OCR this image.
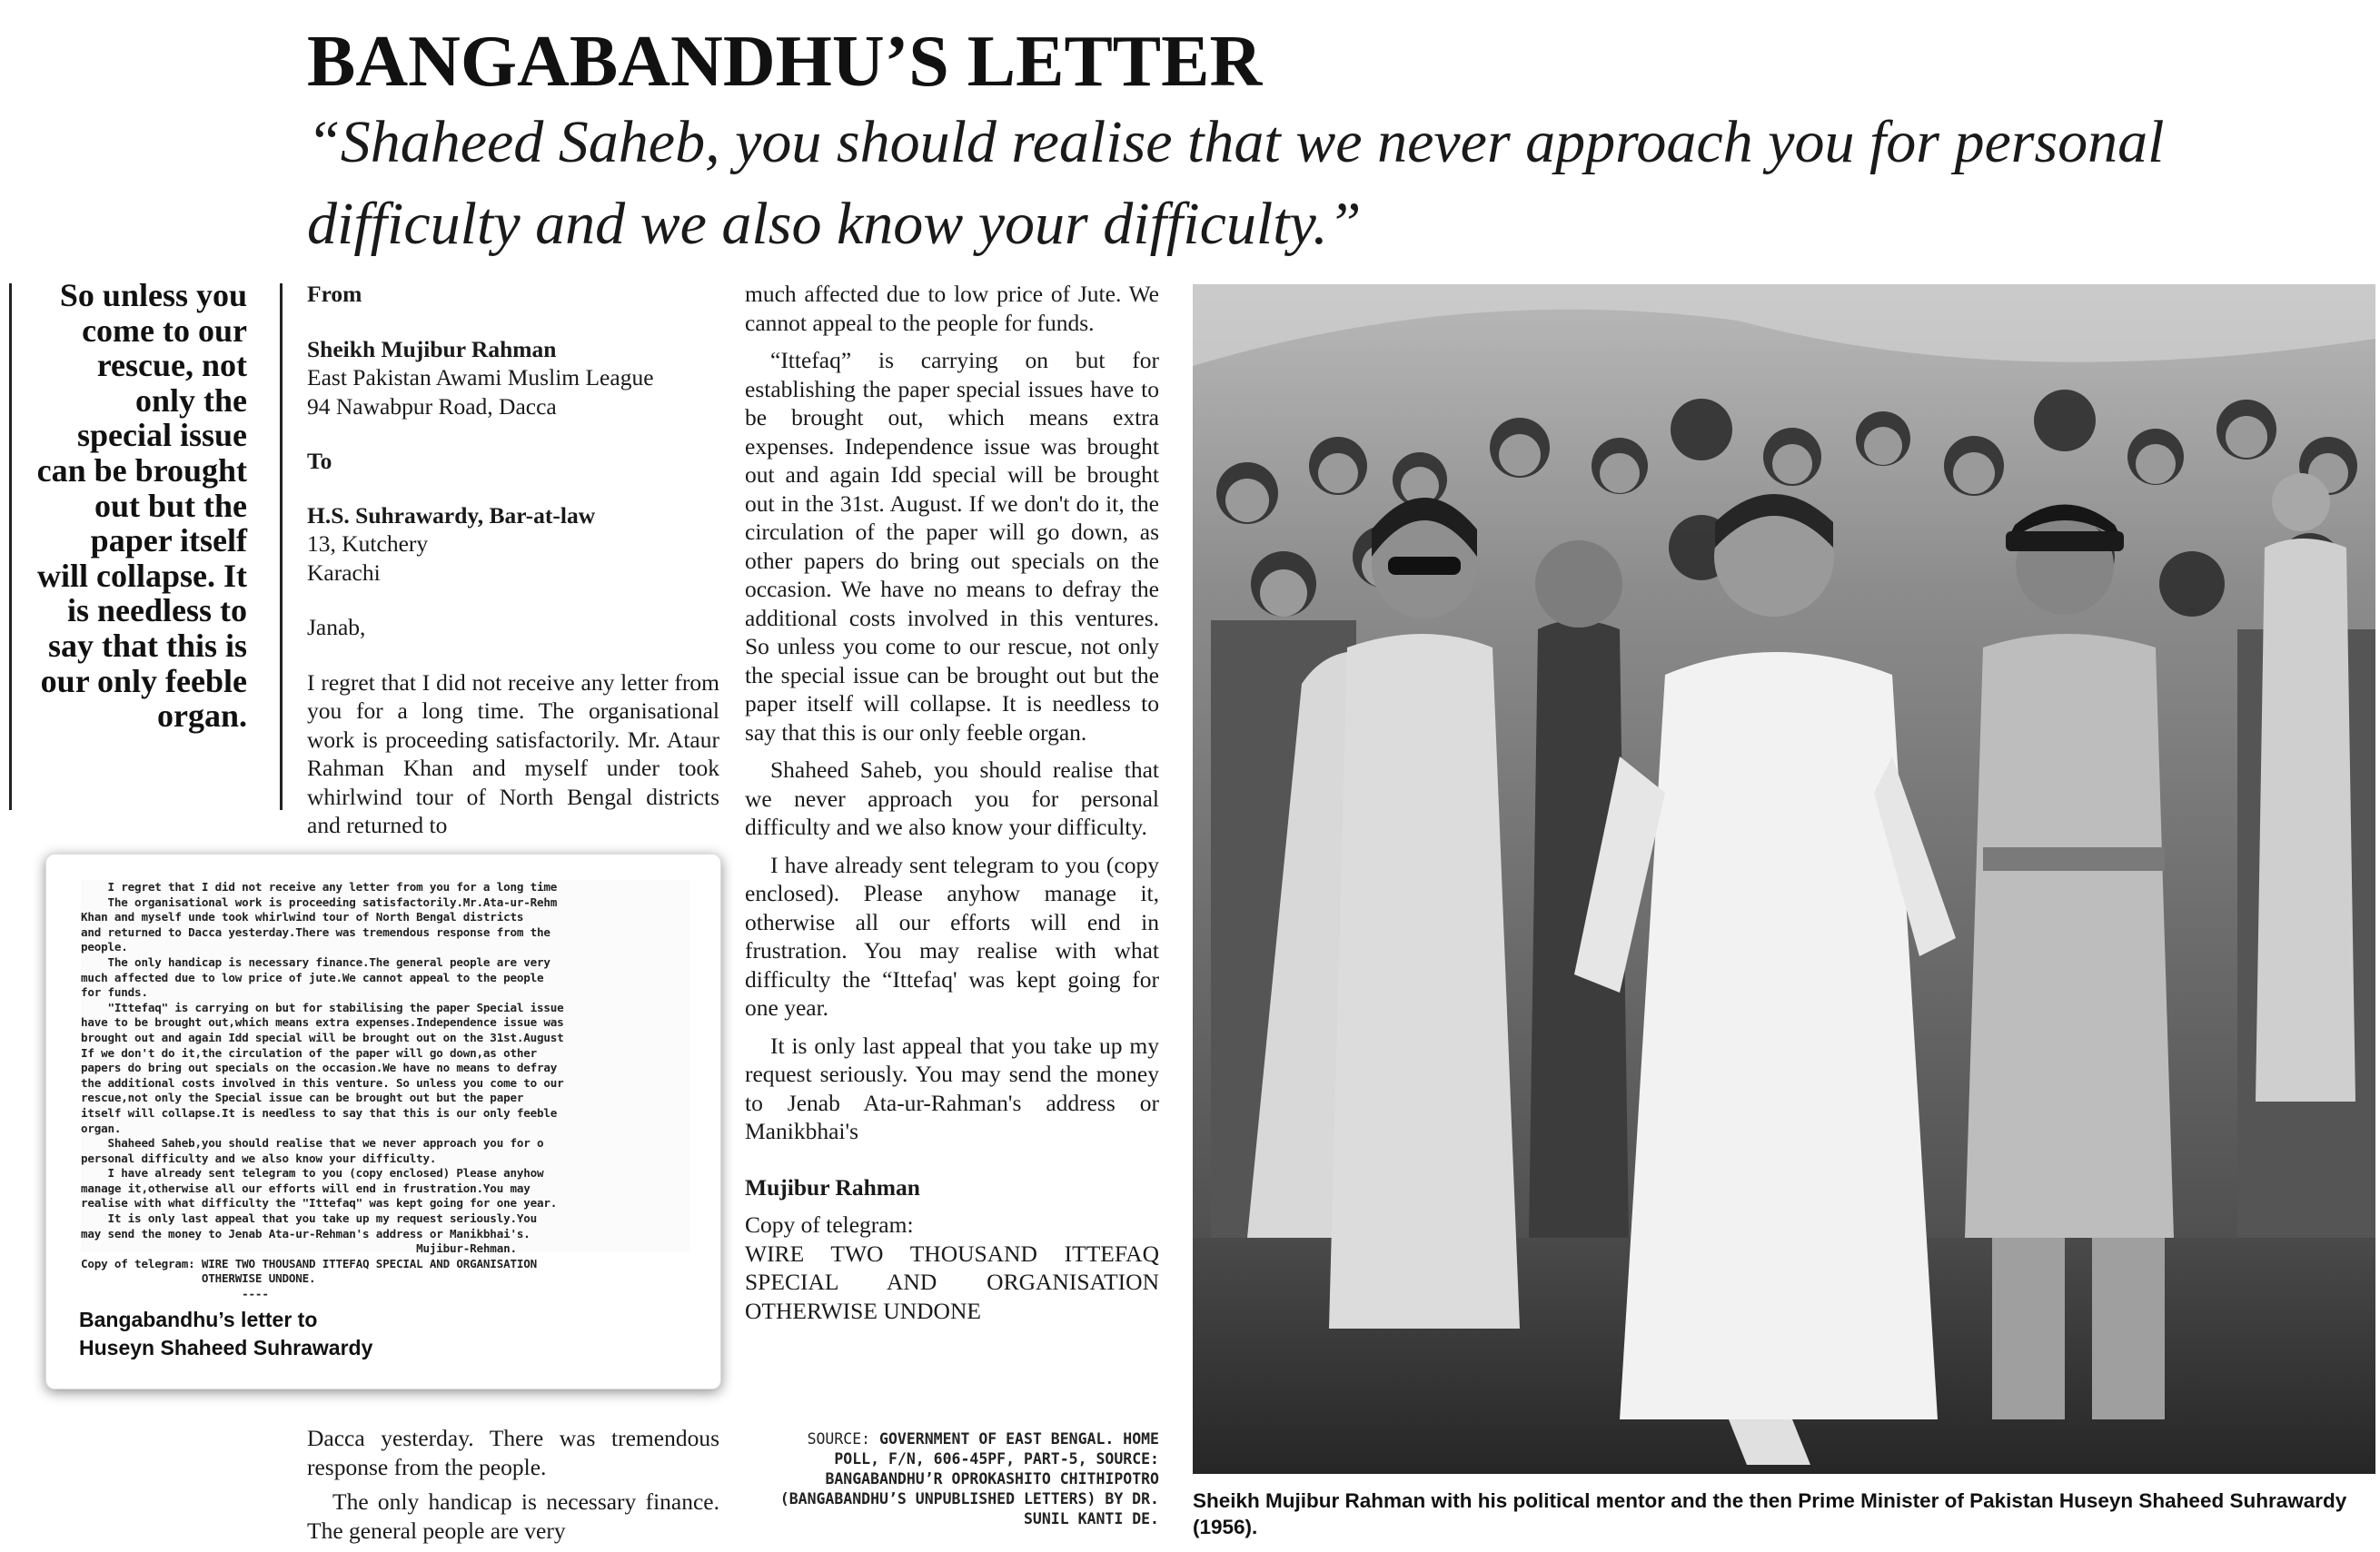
BANGABANDHU’S LETTER

“Shaheed Saheb, you should realise that we never approach you for personal difficulty and we also know your difficulty.”

So unless you come to our rescue, not only the special issue can be brought out but the paper itself will collapse. It is needless to say that this is our only feeble organ.

From

Sheikh Mujibur Rahman

East Pakistan Awami Muslim League

94 Nawabpur Road, Dacca

To

H.S. Suhrawardy, Bar-at-law

13, Kutchery

Karachi

Janab,

I regret that I did not receive any letter from you for a long time. The organisational work is proceeding satisfactorily. Mr. Ataur Rahman Khan and myself under took whirlwind tour of North Bengal districts and returned to

I regret that I did not receive any letter from you for a long time
The organisational work is proceeding satisfactorily.Mr.Ata-ur-Rehm
Khan and myself unde took whirlwind tour of North Bengal districts
and returned to Dacca yesterday.There was tremendous response from the
people.
The only handicap is necessary finance.The general people are very
much affected due to low price of jute.We cannot appeal to the people
for funds.
"Ittefaq" is carrying on but for stabilising the paper Special issue
have to be brought out,which means extra expenses.Independence issue was
brought out and again Idd special will be brought out on the 31st.August
If we don't do it,the circulation of the paper will go down,as other
papers do bring out specials on the occasion.We have no means to defray
the additional costs involved in this venture. So unless you come to our
rescue,not only the Special issue can be brought out but the paper
itself will collapse.It is needless to say that this is our only feeble
organ.
Shaheed Saheb,you should realise that we never approach you for o
personal difficulty and we also know your difficulty.
I have already sent telegram to you (copy enclosed) Please anyhow
manage it,otherwise all our efforts will end in frustration.You may
realise with what difficulty the "Ittefaq" was kept going for one year.
It is only last appeal that you take up my request seriously.You
may send the money to Jenab Ata-ur-Rehman's address or Manikbhai's.
Mujibur-Rehman.
Copy of telegram: WIRE TWO THOUSAND ITTEFAQ SPECIAL AND ORGANISATION
OTHERWISE UNDONE.
----
Bangabandhu’s letter to
Huseyn Shaheed Suhrawardy

Dacca yesterday. There was tremendous response from the people.

The only handicap is necessary finance. The general people are very

much affected due to low price of Jute. We cannot appeal to the people for funds.

“Ittefaq” is carrying on but for establishing the paper special issues have to be brought out, which means extra expenses. Independence issue was brought out and again Idd special will be brought out in the 31st. August. If we don't do it, the circulation of the paper will go down, as other papers do bring out specials on the occasion. We have no means to defray the additional costs involved in this ventures. So unless you come to our rescue, not only the special issue can be brought out but the paper itself will collapse. It is needless to say that this is our only feeble organ.

Shaheed Saheb, you should realise that we never approach you for personal difficulty and we also know your difficulty.

I have already sent telegram to you (copy enclosed). Please anyhow manage it, otherwise all our efforts will end in frustration. You may realise with what difficulty the “Ittefaq' was kept going for one year.

It is only last appeal that you take up my request seriously. You may send the money to Jenab Ata-ur-Rahman's address or Manikbhai's

Mujibur Rahman

Copy of telegram:

WIRE TWO THOUSAND ITTEFAQ SPECIAL AND ORGANISATION OTHERWISE UNDONE

SOURCE: GOVERNMENT OF EAST BENGAL. HOME POLL, F/N, 606-45PF, PART-5, SOURCE: BANGABANDHU’R OPROKASHITO CHITHIPOTRO (BANGABANDHU’S UNPUBLISHED LETTERS) BY DR. SUNIL KANTI DE.
Sheikh Mujibur Rahman with his political mentor and the then Prime Minister of Pakistan Huseyn Shaheed Suhrawardy (1956).
